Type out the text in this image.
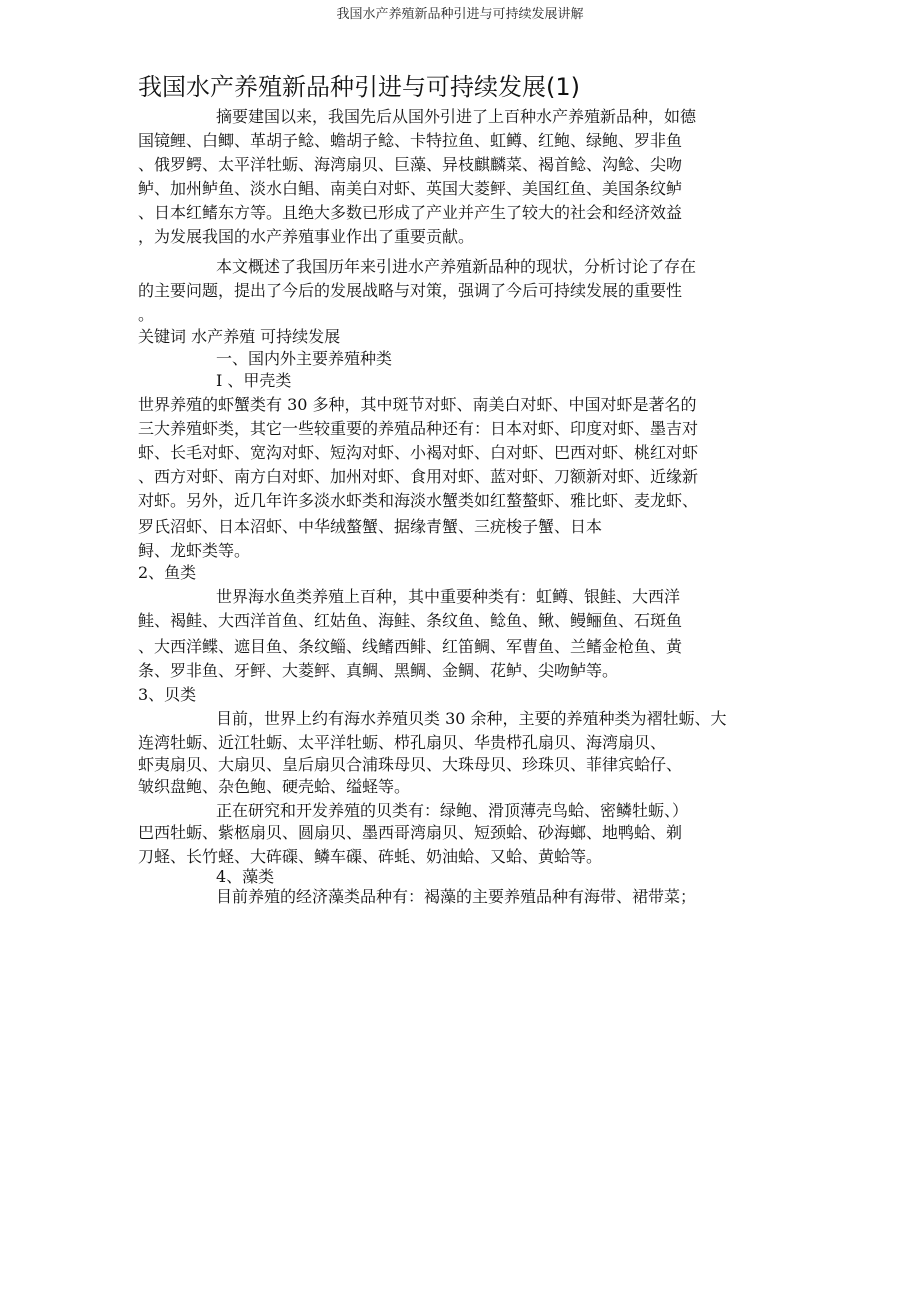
我国水产养殖新品种引进与可持续发展讲解
我国水产养殖新品种引进与可持续发展(1)
摘要建国以来，我国先后从国外引进了上百种水产养殖新品种，如德
国镜鲤、白鲫、革胡子鲶、蟾胡子鲶、卡特拉鱼、虹鳟、红鲍、绿鲍、罗非鱼
、俄罗鳄、太平洋牡蛎、海湾扇贝、巨藻、异枝麒麟菜、褐首鲶、沟鲶、尖吻
鲈、加州鲈鱼、淡水白鲳、南美白对虾、英国大菱鲆、美国红鱼、美国条纹鲈
、日本红鳍东方等。且绝大多数已形成了产业并产生了较大的社会和经济效益
，为发展我国的水产养殖事业作出了重要贡献。
本文概述了我国历年来引进水产养殖新品种的现状，分析讨论了存在
的主要问题，提出了今后的发展战略与对策，强调了今后可持续发展的重要性
。
关键词 水产养殖 可持续发展
一、国内外主要养殖种类
I 、甲壳类
世界养殖的虾蟹类有 30 多种，其中斑节对虾、南美白对虾、中国对虾是著名的
三大养殖虾类，其它一些较重要的养殖品种还有：日本对虾、印度对虾、墨吉对
虾、长毛对虾、宽沟对虾、短沟对虾、小褐对虾、白对虾、巴西对虾、桃红对虾
、西方对虾、南方白对虾、加州对虾、食用对虾、蓝对虾、刀额新对虾、近缘新
对虾。另外，近几年许多淡水虾类和海淡水蟹类如红螯螯虾、雅比虾、麦龙虾、
罗氏沼虾、日本沼虾、中华绒螯蟹、据缘青蟹、三疣梭子蟹、日本
鲟、龙虾类等。
2、鱼类
世界海水鱼类养殖上百种，其中重要种类有：虹鳟、银鲑、大西洋
鲑、褐鲑、大西洋首鱼、红姑鱼、海鲑、条纹鱼、鲶鱼、鳅、鳗鲡鱼、石斑鱼
、大西洋鲽、遮目鱼、条纹鲻、线鳍西鲱、红笛鲷、军曹鱼、兰鳍金枪鱼、黄
条、罗非鱼、牙鲆、大菱鲆、真鲷、黑鲷、金鲷、花鲈、尖吻鲈等。
3、贝类
目前，世界上约有海水养殖贝类 30 余种，主要的养殖种类为褶牡蛎、大
连湾牡蛎、近江牡蛎、太平洋牡蛎、栉孔扇贝、华贵栉孔扇贝、海湾扇贝、
虾夷扇贝、大扇贝、皇后扇贝合浦珠母贝、大珠母贝、珍珠贝、菲律宾蛤仔、
皱织盘鲍、杂色鲍、硬壳蛤、缢蛏等。
正在研究和开发养殖的贝类有：绿鲍、滑顶薄壳鸟蛤、密鳞牡蛎、）
巴西牡蛎、紫柩扇贝、圆扇贝、墨西哥湾扇贝、短颈蛤、砂海螂、地鸭蛤、剃
刀蛏、长竹蛏、大砗磲、鳞车磲、砗蚝、奶油蛤、又蛤、黄蛤等。
4、藻类
目前养殖的经济藻类品种有：褐藻的主要养殖品种有海带、裙带菜；
